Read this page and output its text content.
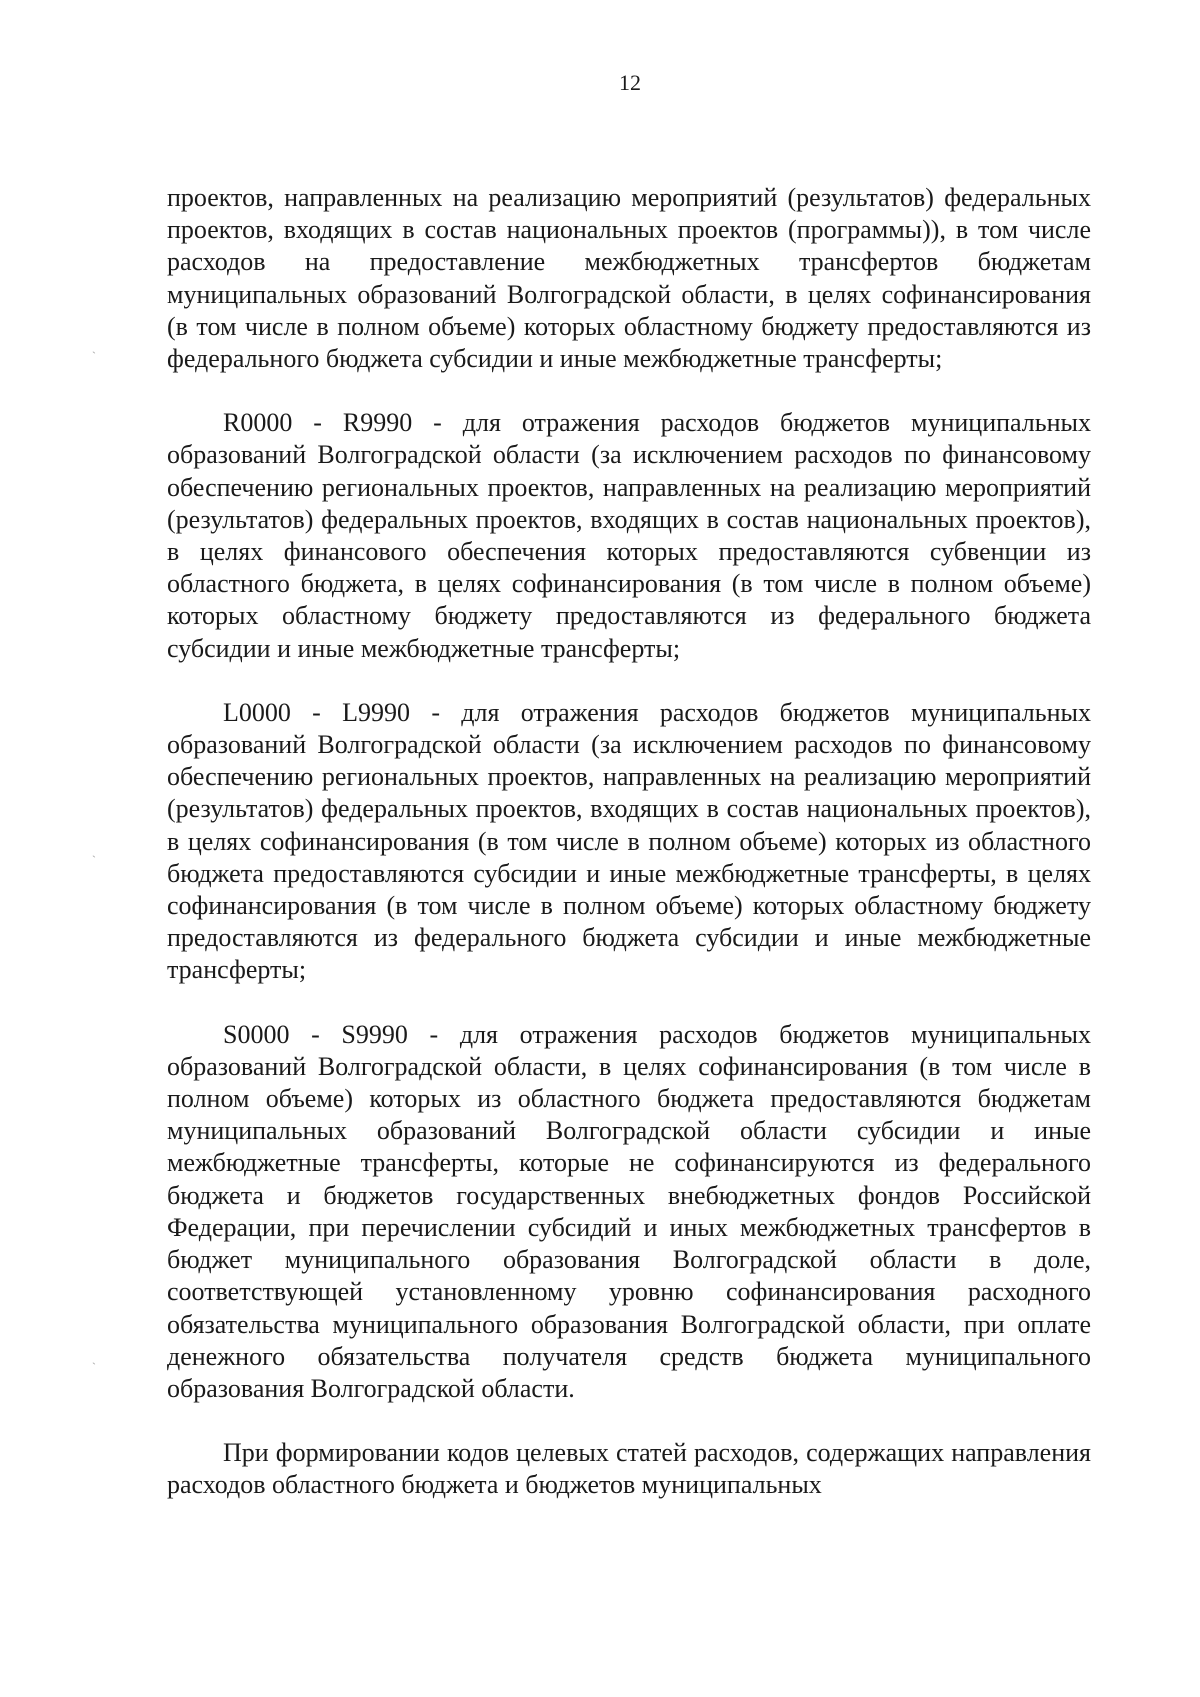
12

проектов, направленных на реализацию мероприятий (результатов) федеральных проектов, входящих в состав национальных проектов (программы)), в том числе расходов на предоставление межбюджетных трансфертов бюджетам муниципальных образований Волгоградской области, в целях софинансирования (в том числе в полном объеме) которых областному бюджету предоставляются из федерального бюджета субсидии и иные межбюджетные трансферты;

R0000 - R9990 - для отражения расходов бюджетов муниципальных образований Волгоградской области (за исключением расходов по финансовому обеспечению региональных проектов, направленных на реализацию мероприятий (результатов) федеральных проектов, входящих в состав национальных проектов), в целях финансового обеспечения которых предоставляются субвенции из областного бюджета, в целях софинансирования (в том числе в полном объеме) которых областному бюджету предоставляются из федерального бюджета субсидии и иные межбюджетные трансферты;

L0000 - L9990 - для отражения расходов бюджетов муниципальных образований Волгоградской области (за исключением расходов по финансовому обеспечению региональных проектов, направленных на реализацию мероприятий (результатов) федеральных проектов, входящих в состав национальных проектов), в целях софинансирования (в том числе в полном объеме) которых из областного бюджета предоставляются субсидии и иные межбюджетные трансферты, в целях софинансирования (в том числе в полном объеме) которых областному бюджету предоставляются из федерального бюджета субсидии и иные межбюджетные трансферты;

S0000 - S9990 - для отражения расходов бюджетов муниципальных образований Волгоградской области, в целях софинансирования (в том числе в полном объеме) которых из областного бюджета предоставляются бюджетам муниципальных образований Волгоградской области субсидии и иные межбюджетные трансферты, которые не софинансируются из федерального бюджета и бюджетов государственных внебюджетных фондов Российской Федерации, при перечислении субсидий и иных межбюджетных трансфертов в бюджет муниципального образования Волгоградской области в доле, соответствующей установленному уровню софинансирования расходного обязательства муниципального образования Волгоградской области, при оплате денежного обязательства получателя средств бюджета муниципального образования Волгоградской области.

При формировании кодов целевых статей расходов, содержащих направления расходов областного бюджета и бюджетов муниципальных

ˎ
ˎ
ˎ
